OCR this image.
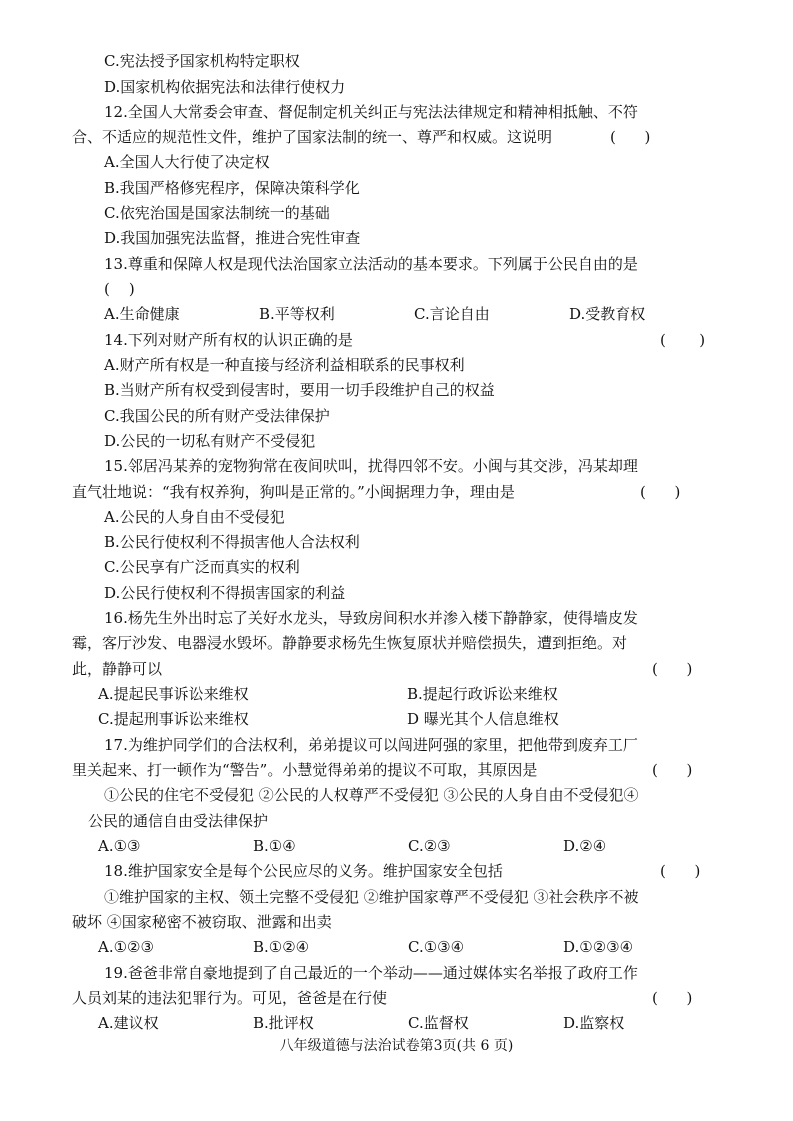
C.宪法授予国家机构特定职权
D.国家机构依据宪法和法律行使权力
12.全国人大常委会审查、督促制定机关纠正与宪法法律规定和精神相抵触、不符
合、不适应的规范性文件，维护了国家法制的统一、尊严和权威。这说明	(      )
A.全国人大行使了决定权
B.我国严格修宪程序，保障决策科学化
C.依宪治国是国家法制统一的基础
D.我国加强宪法监督，推进合宪性审查
13.尊重和保障人权是现代法治国家立法活动的基本要求。下列属于公民自由的是
(    )
A.生命健康	B.平等权利	C.言论自由	D.受教育权
14.下列对财产所有权的认识正确的是	(       )
A.财产所有权是一种直接与经济利益相联系的民事权利
B.当财产所有权受到侵害时，要用一切手段维护自己的权益
C.我国公民的所有财产受法律保护
D.公民的一切私有财产不受侵犯
15.邻居冯某养的宠物狗常在夜间吠叫，扰得四邻不安。小闽与其交涉，冯某却理
直气壮地说：“我有权养狗，狗叫是正常的。”小闽据理力争，理由是	(      )
A.公民的人身自由不受侵犯
B.公民行使权利不得损害他人合法权利
C.公民享有广泛而真实的权利
D.公民行使权利不得损害国家的利益
16.杨先生外出时忘了关好水龙头，导致房间积水并渗入楼下静静家，使得墙皮发
霉，客厅沙发、电器浸水毁坏。静静要求杨先生恢复原状并赔偿损失，遭到拒绝。对
此，静静可以	(      )
A.提起民事诉讼来维权	B.提起行政诉讼来维权
C.提起刑事诉讼来维权	D 曝光其个人信息维权
17.为维护同学们的合法权利，弟弟提议可以闯进阿强的家里，把他带到废弃工厂
里关起来、打一顿作为“警告”。小慧觉得弟弟的提议不可取，其原因是	(      )
①公民的住宅不受侵犯 ②公民的人权尊严不受侵犯 ③公民的人身自由不受侵犯④
公民的通信自由受法律保护
A.①③	B.①④	C.②③	D.②④
18.维护国家安全是每个公民应尽的义务。维护国家安全包括	(      )
①维护国家的主权、领土完整不受侵犯 ②维护国家尊严不受侵犯 ③社会秩序不被
破坏 ④国家秘密不被窃取、泄露和出卖
A.①②③	B.①②④	C.①③④	D.①②③④
19.爸爸非常自豪地提到了自己最近的一个举动——通过媒体实名举报了政府工作
人员刘某的违法犯罪行为。可见，爸爸是在行使	(      )
A.建议权	B.批评权	C.监督权	D.监察权
八年级道德与法治试卷第3页(共 6 页)
